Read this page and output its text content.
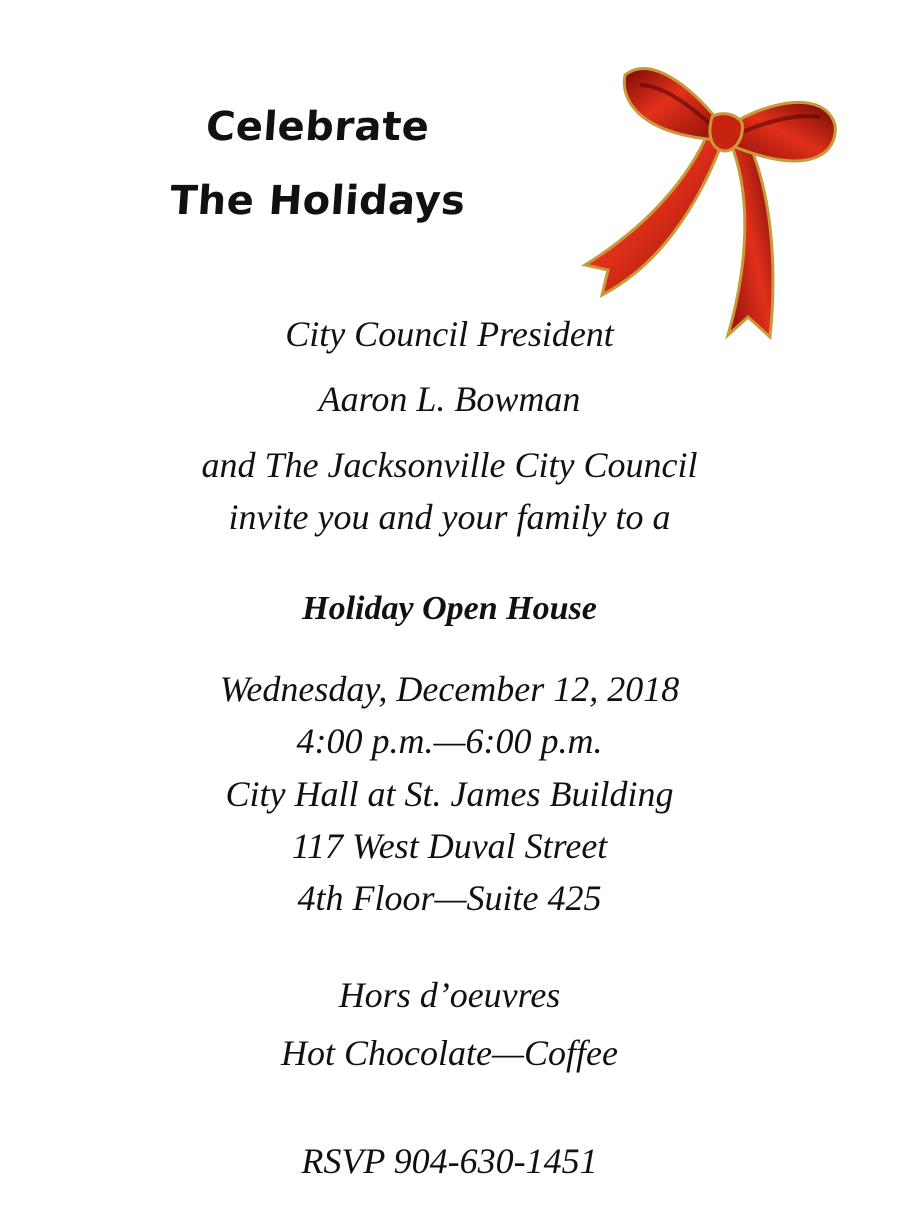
Celebrate
The Holidays
City Council President
Aaron L. Bowman
and The Jacksonville City Council
invite you and your family to a
Holiday Open House
Wednesday, December 12, 2018
4:00 p.m.—6:00 p.m.
City Hall at St. James Building
117 West Duval Street
4th Floor—Suite 425
Hors d’oeuvres
Hot Chocolate—Coffee
RSVP 904-630-1451
